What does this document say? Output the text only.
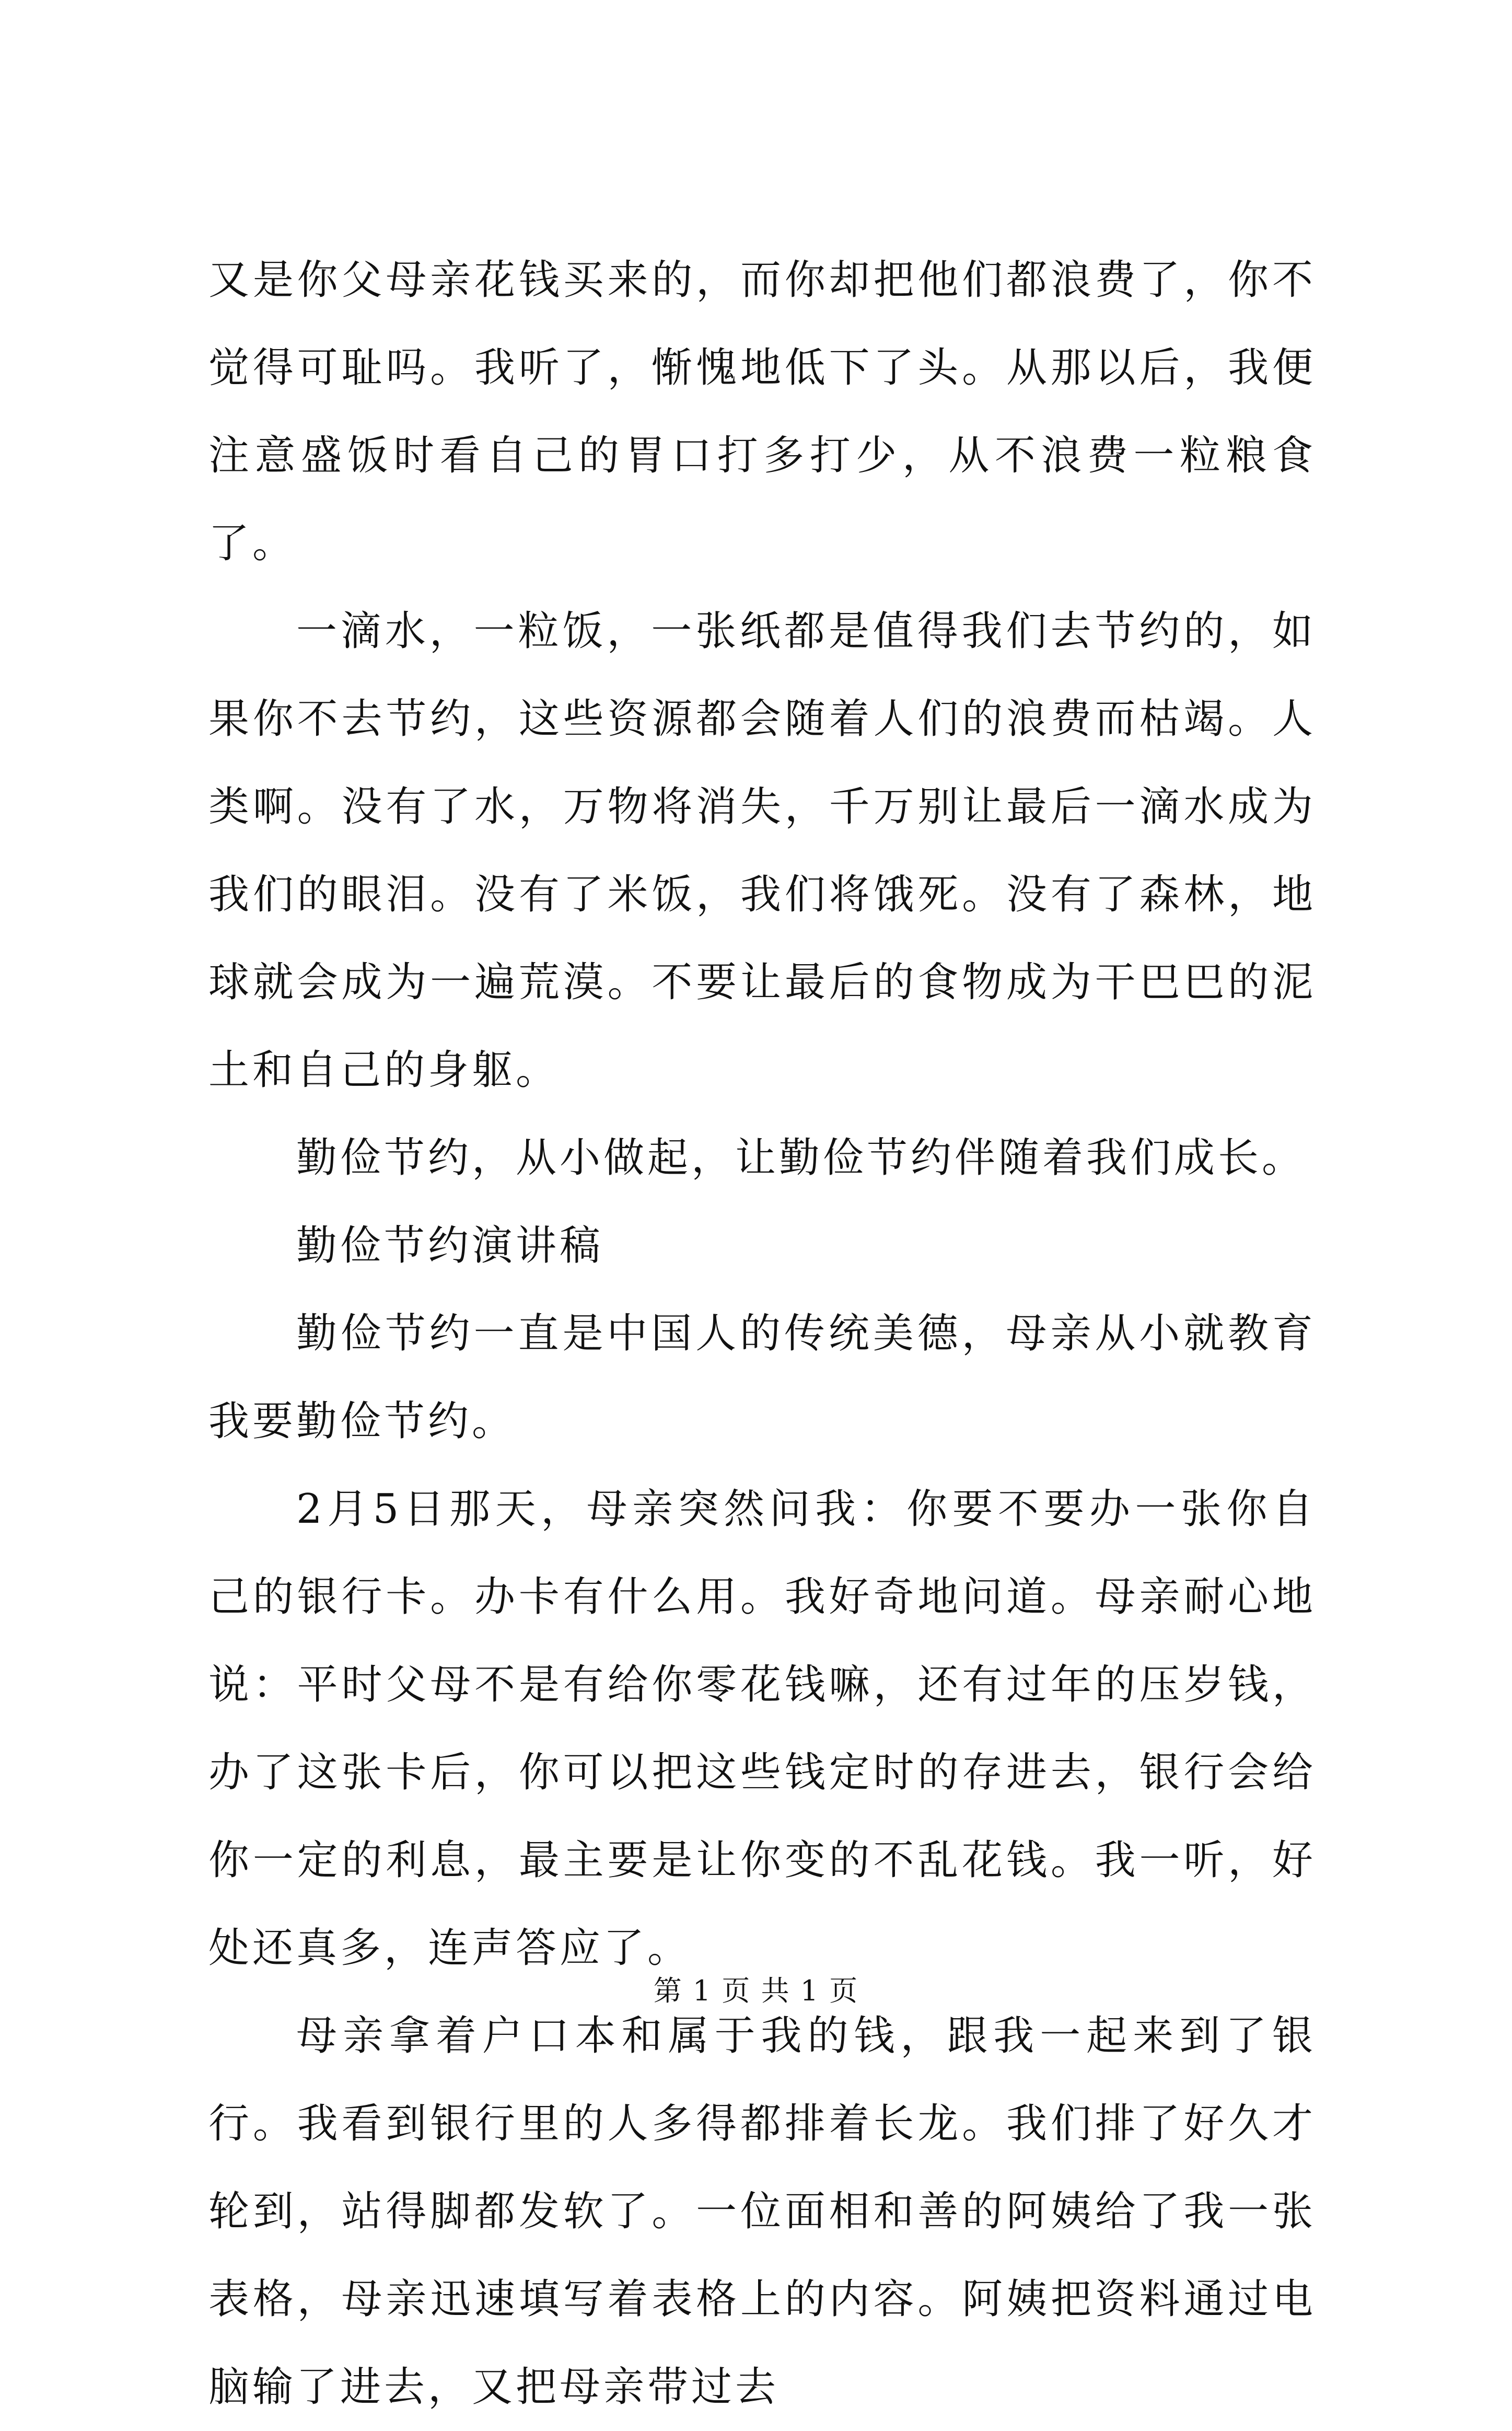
又是你父母亲花钱买来的，而你却把他们都浪费了，你不觉得可耻吗。我听了，惭愧地低下了头。从那以后，我便注意盛饭时看自己的胃口打多打少，从不浪费一粒粮食了。

一滴水，一粒饭，一张纸都是值得我们去节约的，如果你不去节约，这些资源都会随着人们的浪费而枯竭。人类啊。没有了水，万物将消失，千万别让最后一滴水成为我们的眼泪。没有了米饭，我们将饿死。没有了森林，地球就会成为一遍荒漠。不要让最后的食物成为干巴巴的泥土和自己的身躯。

勤俭节约，从小做起，让勤俭节约伴随着我们成长。

勤俭节约演讲稿

勤俭节约一直是中国人的传统美德，母亲从小就教育我要勤俭节约。

2月5日那天，母亲突然问我：你要不要办一张你自己的银行卡。办卡有什么用。我好奇地问道。母亲耐心地说：平时父母不是有给你零花钱嘛，还有过年的压岁钱，办了这张卡后，你可以把这些钱定时的存进去，银行会给你一定的利息，最主要是让你变的不乱花钱。我一听，好处还真多，连声答应了。

母亲拿着户口本和属于我的钱，跟我一起来到了银行。我看到银行里的人多得都排着长龙。我们排了好久才轮到，站得脚都发软了。一位面相和善的阿姨给了我一张表格，母亲迅速填写着表格上的内容。阿姨把资料通过电脑输了进去，又把母亲带过去

第 1 页 共 1 页
